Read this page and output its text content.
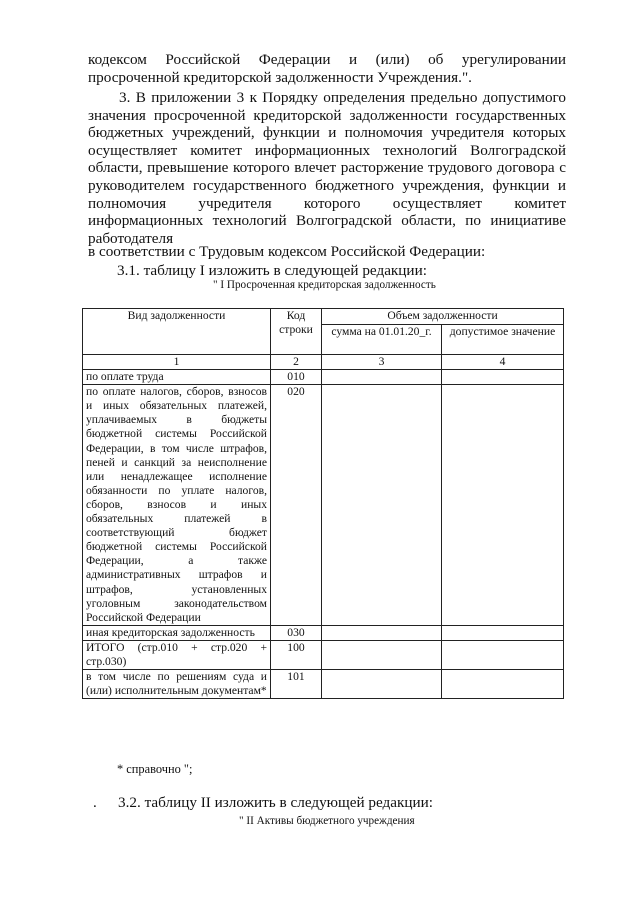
кодексом Российской Федерации и (или) об урегулировании просроченной кредиторской задолженности Учреждения.".

3. В приложении 3 к Порядку определения предельно допустимого значения просроченной кредиторской задолженности государственных бюджетных учреждений, функции и полномочия учредителя которых осуществляет комитет информационных технологий Волгоградской области, превышение которого влечет расторжение трудового договора с руководителем государственного бюджетного учреждения, функции и полномочия учредителя которого осуществляет комитет информационных технологий Волгоградской области, по инициативе работодателя

в соответствии с Трудовым кодексом Российской Федерации:

3.1. таблицу I изложить в следующей редакции:

" I Просроченная кредиторская задолженность
Вид задолженности	Код строки	Объем задолженности	
		сумма на 01.01.20_г.	допустимое значение
1	2	3	4
по оплате труда	010		
по оплате налогов, сборов, взносов и иных обязательных платежей, уплачиваемых в бюджеты бюджетной системы Российской Федерации, в том числе штрафов, пеней и санкций за неисполнение или ненадлежащее исполнение обязанности по уплате налогов, сборов, взносов и иных обязательных платежей в соответствующий бюджет бюджетной системы Российской Федерации, а также административных штрафов и штрафов, установленных уголовным законодательством Российской Федерации	020		
иная кредиторская задолженность	030		
ИТОГО (стр.010 + стр.020 + стр.030)	100		
в том числе по решениям суда и (или) исполнительным документам*	101		
* справочно ";
. 3.2. таблицу II изложить в следующей редакции:

" II Активы бюджетного учреждения
